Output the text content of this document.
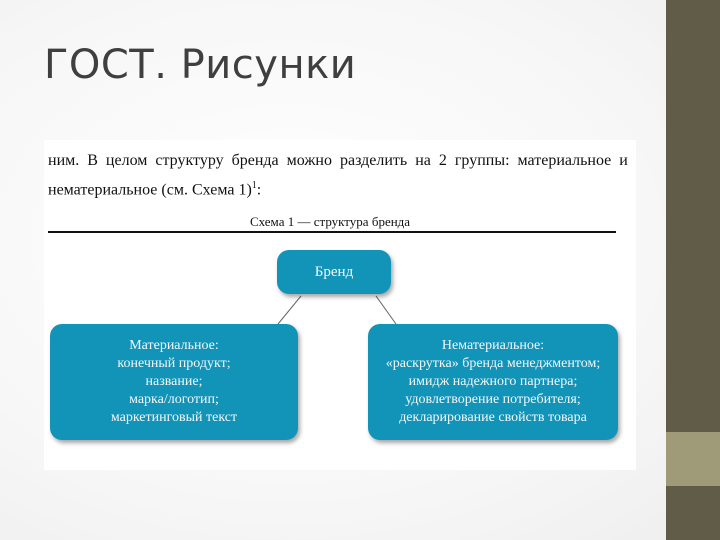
ГОСТ. Рисунки
ним. В целом структуру бренда можно разделить на 2 группы: материальное и
нематериальное (см. Схема 1)$^1$:
Схема 1 — структура бренда
Бренд
Материальное:
конечный продукт;
название;
марка/логотип;
маркетинговый текст
Нематериальное:
«раскрутка» бренда менеджментом;
имидж надежного партнера;
удовлетворение потребителя;
декларирование свойств товара
